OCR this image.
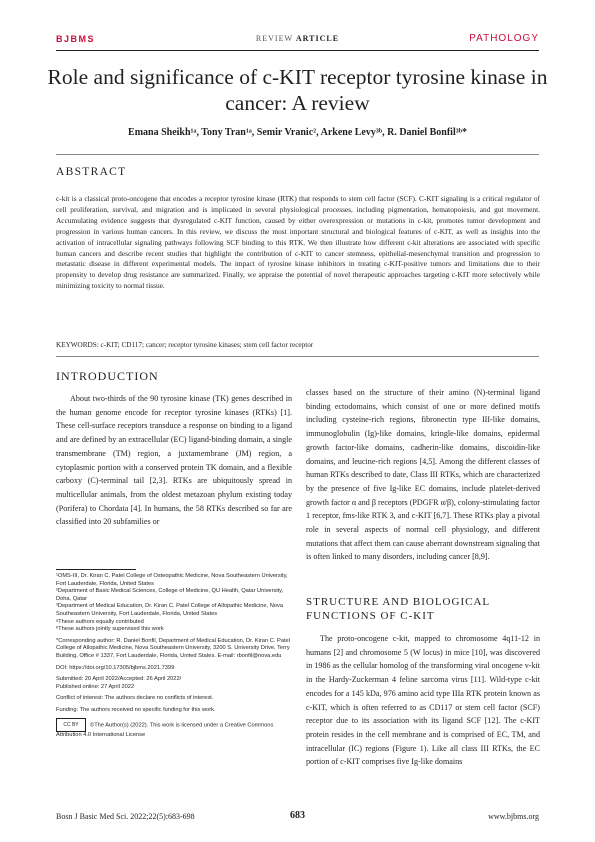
BJBMS	REVIEW ARTICLE	PATHOLOGY
Role and significance of c-KIT receptor tyrosine kinase in cancer: A review
Emana Sheikh¹ᵃ, Tony Tran¹ᵃ, Semir Vranic², Arkene Levy³ᵇ, R. Daniel Bonfil³ᵇ*
ABSTRACT
c-kit is a classical proto-oncogene that encodes a receptor tyrosine kinase (RTK) that responds to stem cell factor (SCF). C-KIT signaling is a critical regulator of cell proliferation, survival, and migration and is implicated in several physiological processes, including pigmentation, hematopoiesis, and gut movement. Accumulating evidence suggests that dysregulated c-KIT function, caused by either overexpression or mutations in c-kit, promotes tumor development and progression in various human cancers. In this review, we discuss the most important structural and biological features of c-KIT, as well as insights into the activation of intracellular signaling pathways following SCF binding to this RTK. We then illustrate how different c-kit alterations are associated with specific human cancers and describe recent studies that highlight the contribution of c-KIT to cancer stemness, epithelial-mesenchymal transition and progression to metastatic disease in different experimental models. The impact of tyrosine kinase inhibitors in treating c-KIT-positive tumors and limitations due to their propensity to develop drug resistance are summarized. Finally, we appraise the potential of novel therapeutic approaches targeting c-KIT more selectively while minimizing toxicity to normal tissue.
KEYWORDS: c-KIT; CD117; cancer; receptor tyrosine kinases; stem cell factor receptor
INTRODUCTION

About two-thirds of the 90 tyrosine kinase (TK) genes described in the human genome encode for receptor tyrosine kinases (RTKs) [1]. These cell-surface receptors transduce a response on binding to a ligand and are defined by an extracellular (EC) ligand-binding domain, a single transmembrane (TM) region, a juxtamembrane (JM) region, a cytoplasmic portion with a conserved protein TK domain, and a flexible carboxy (C)-terminal tail [2,3]. RTKs are ubiquitously spread in multicellular animals, from the oldest metazoan phylum existing today (Porifera) to Chordata [4]. In humans, the 58 RTKs described so far are classified into 20 subfamilies or

classes based on the structure of their amino (N)-terminal ligand binding ectodomains, which consist of one or more defined motifs including cysteine-rich regions, fibronectin type III-like domains, immunoglobulin (Ig)-like domains, kringle-like domains, epidermal growth factor-like domains, cadherin-like domains, discoidin-like domains, and leucine-rich regions [4,5]. Among the different classes of human RTKs described to date, Class III RTKs, which are characterized by the presence of five Ig-like EC domains, include platelet-derived growth factor α and β receptors (PDGFR α/β), colony-stimulating factor 1 receptor, fms-like RTK 3, and c-KIT [6,7]. These RTKs play a pivotal role in several aspects of normal cell physiology, and different mutations that affect them can cause aberrant downstream signaling that is often linked to many disorders, including cancer [8,9].

STRUCTURE AND BIOLOGICAL FUNCTIONS OF C-KIT

The proto-oncogene c-kit, mapped to chromosome 4q11-12 in humans [2] and chromosome 5 (W locus) in mice [10], was discovered in 1986 as the cellular homolog of the transforming viral oncogene v-kit in the Hardy-Zuckerman 4 feline sarcoma virus [11]. Wild-type c-kit encodes for a 145 kDa, 976 amino acid type IIIa RTK protein known as c-KIT, which is often referred to as CD117 or stem cell factor (SCF) receptor due to its association with its ligand SCF [12]. The c-KIT protein resides in the cell membrane and is comprised of EC, TM, and intracellular (IC) regions (Figure 1). Like all class III RTKs, the EC portion of c-KIT comprises five Ig-like domains

¹OMS-III, Dr. Kiran C. Patel College of Osteopathic Medicine, Nova Southeastern University, Fort Lauderdale, Florida, United States
²Department of Basic Medical Sciences, College of Medicine, QU Health, Qatar University, Doha, Qatar
³Department of Medical Education, Dr. Kiran C. Patel College of Allopathic Medicine, Nova Southeastern University, Fort Lauderdale, Florida, United States
ᵃThese authors equally contributed
ᵇThese authors jointly supervised this work
*Corresponding author: R. Daniel Bonfil, Department of Medical Education, Dr. Kiran C. Patel College of Allopathic Medicine, Nova Southeastern University, 3200 S. University Drive, Terry Building, Office # 1337, Fort Lauderdale, Florida, United States. E-mail: rbonfil@nova.edu
DOI: https://doi.org/10.17305/bjbms.2021.7399
Submitted: 20 April 2022/Accepted: 26 April 2022/
Published online: 27 April 2022
Conflict of interest: The authors declare no conflicts of interest.
Funding: The authors received no specific funding for this work.
CC BY ©The Author(s) (2022). This work is licensed under a Creative Commons Attribution 4.0 International License
Bosn J Basic Med Sci. 2022;22(5):683-698	683	www.bjbms.org
